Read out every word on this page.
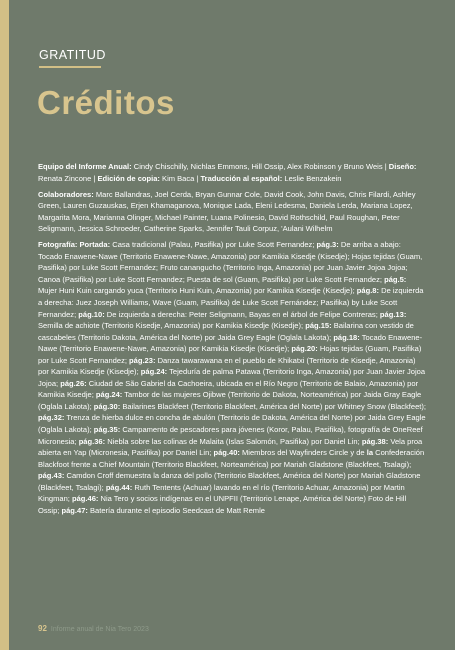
GRATITUD
Créditos

Equipo del Informe Anual: Cindy Chischilly, Nichlas Emmons, Hill Ossip, Alex Robinson y Bruno Weis | Diseño: Renata Zincone | Edición de copia: Kim Baca | Traducción al español: Leslie Benzakein

Colaboradores: Marc Ballandras, Joel Cerda, Bryan Gunnar Cole, David Cook, John Davis, Chris Filardi, Ashley Green, Lauren Guzauskas, Erjen Khamaganova, Monique Lada, Eleni Ledesma, Daniela Lerda, Mariana Lopez, Margarita Mora, Marianna Olinger, Michael Painter, Luana Polinesio, David Rothschild, Paul Roughan, Peter Seligmann, Jessica Schroeder, Catherine Sparks, Jennifer Tauli Corpuz, 'Aulani Wilhelm

Fotografía: Portada: Casa tradicional (Palau, Pasifika) por Luke Scott Fernandez; pág.3: De arriba a abajo: Tocado Enawene-Nawe (Territorio Enawene-Nawe, Amazonia) por Kamikia Kisedje (Kisedje); Hojas tejidas (Guam, Pasifika) por Luke Scott Fernandez; Fruto canangucho (Territorio Inga, Amazonia) por Juan Javier Jojoa Jojoa; Canoa (Pasifika) por Luke Scott Fernandez; Puesta de sol (Guam, Pasifika) por Luke Scott Fernandez; pág.5: Mujer Huni Kuin cargando yuca (Territorio Huni Kuin, Amazonia) por Kamikia Kisedje (Kisedje); pág.8: De izquierda a derecha: Juez Joseph Williams, Wave (Guam, Pasifika) de Luke Scott Fernández; Pasifika) by Luke Scott Fernandez; pág.10: De izquierda a derecha: Peter Seligmann, Bayas en el árbol de Felipe Contreras; pág.13: Semilla de achiote (Territorio Kisedje, Amazonia) por Kamikia Kisedje (Kisedje); pág.15: Bailarina con vestido de cascabeles (Territorio Dakota, América del Norte) por Jaida Grey Eagle (Oglala Lakota); pág.18: Tocado Enawene-Nawe (Territorio Enawene-Nawe, Amazonia) por Kamikia Kisedje (Kisedje); pág.20: Hojas tejidas (Guam, Pasifika) por Luke Scott Fernandez; pág.23: Danza tawarawana en el pueblo de Khikatxi (Territorio de Kisedje, Amazonia) por Kamikia Kisedje (Kisedje); pág.24: Tejeduría de palma Patawa (Territorio Inga, Amazonia) por Juan Javier Jojoa Jojoa; pág.26: Ciudad de São Gabriel da Cachoeira, ubicada en el Río Negro (Territorio de Balaio, Amazonia) por Kamikia Kisedje; pág.24: Tambor de las mujeres Ojibwe (Territorio de Dakota, Norteamérica) por Jaida Gray Eagle (Oglala Lakota); pág.30: Bailarines Blackfeet (Territorio Blackfeet, América del Norte) por Whitney Snow (Blackfeet); pág.32: Trenza de hierba dulce en concha de abulón (Territorio de Dakota, América del Norte) por Jaida Grey Eagle (Oglala Lakota); pág.35: Campamento de pescadores para jóvenes (Koror, Palau, Pasifika), fotografía de OneReef Micronesia; pág.36: Niebla sobre las colinas de Malaita (Islas Salomón, Pasifika) por Daniel Lin; pág.38: Vela proa abierta en Yap (Micronesia, Pasifika) por Daniel Lin; pág.40: Miembros del Wayfinders Circle y de la Confederación Blackfoot frente a Chief Mountain (Territorio Blackfeet, Norteamérica) por Mariah Gladstone (Blackfeet, Tsalagi); pág.43: Camdon Croff demuestra la danza del pollo (Territorio Blackfeet, América del Norte) por Mariah Gladstone (Blackfeet, Tsalagi); pág.44: Ruth Tentents (Achuar) lavando en el río (Territorio Achuar, Amazonia) por Martin Kingman; pág.46: Nia Tero y socios indígenas en el UNPFII (Territorio Lenape, América del Norte) Foto de Hill Ossip; pág.47: Batería durante el episodio Seedcast de Matt Remle

92 Informe anual de Nia Tero 2023
